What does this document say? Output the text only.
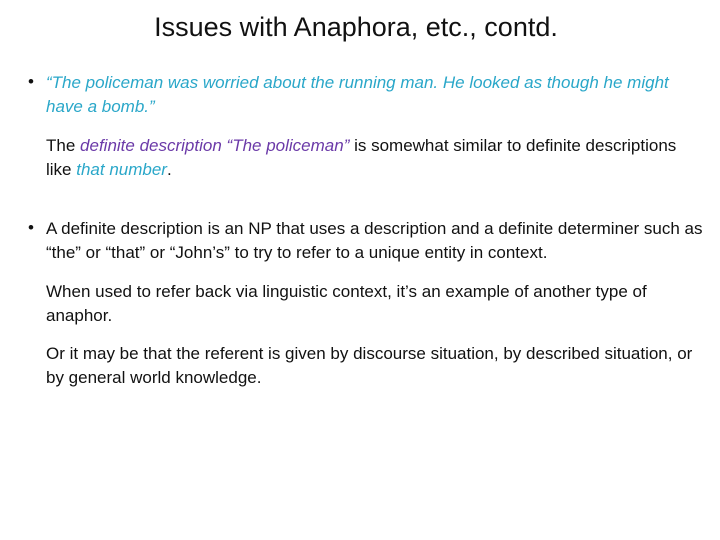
Issues with Anaphora, etc., contd.
• “The policeman was worried about the running man. He looked as though he might have a bomb.”
The definite description “The policeman” is somewhat similar to definite descriptions like that number.
• A definite description is an NP that uses a description and a definite determiner such as “the” or “that” or “John’s” to try to refer to a unique entity in context.
When used to refer back via linguistic context, it’s an example of another type of anaphor.
Or it may be that the referent is given by discourse situation, by described situation, or by general world knowledge.
